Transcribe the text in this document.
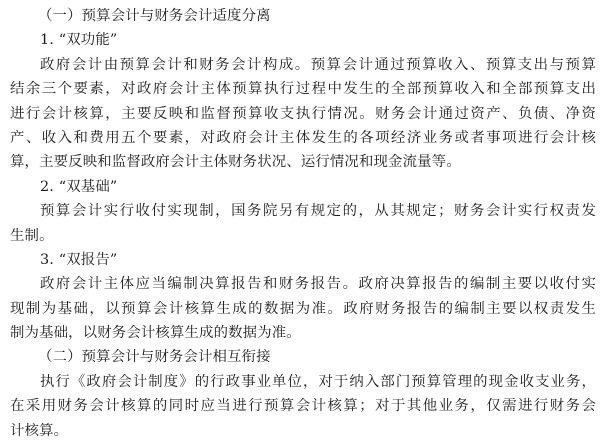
（一）预算会计与财务会计适度分离
1. “双功能”
政府会计由预算会计和财务会计构成。预算会计通过预算收入、预算支出与预算
结余三个要素，对政府会计主体预算执行过程中发生的全部预算收入和全部预算支出
进行会计核算，主要反映和监督预算收支执行情况。财务会计通过资产、负债、净资
产、收入和费用五个要素，对政府会计主体发生的各项经济业务或者事项进行会计核
算，主要反映和监督政府会计主体财务状况、运行情况和现金流量等。
2. “双基础”
预算会计实行收付实现制，国务院另有规定的，从其规定；财务会计实行权责发
生制。
3. “双报告”
政府会计主体应当编制决算报告和财务报告。政府决算报告的编制主要以收付实
现制为基础，以预算会计核算生成的数据为准。政府财务报告的编制主要以权责发生
制为基础，以财务会计核算生成的数据为准。
（二）预算会计与财务会计相互衔接
执行《政府会计制度》的行政事业单位，对于纳入部门预算管理的现金收支业务，
在采用财务会计核算的同时应当进行预算会计核算；对于其他业务，仅需进行财务会
计核算。
